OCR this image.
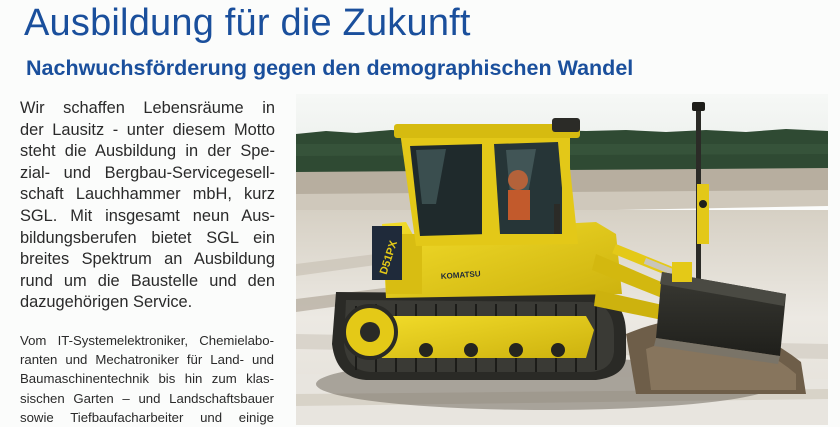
Ausbildung für die Zukunft
Nachwuchsförderung gegen den demographischen Wandel
Wir schaffen Lebensräume in
der Lausitz - unter diesem Motto
steht die Ausbildung in der Spe-
zial- und Bergbau-Servicegesell-
schaft Lauchhammer mbH, kurz
SGL. Mit insgesamt neun Aus-
bildungsberufen bietet SGL ein
breites Spektrum an Ausbildung
rund um die Baustelle und den
dazugehörigen Service.
Vom IT-Systemelektroniker, Chemielabo-
ranten und Mechatroniker für Land- und
Baumaschinentechnik bis hin zum klas-
sischen Garten – und Landschaftsbauer
sowie Tiefbaufacharbeiter und einige
D51PX	KOMATSU
